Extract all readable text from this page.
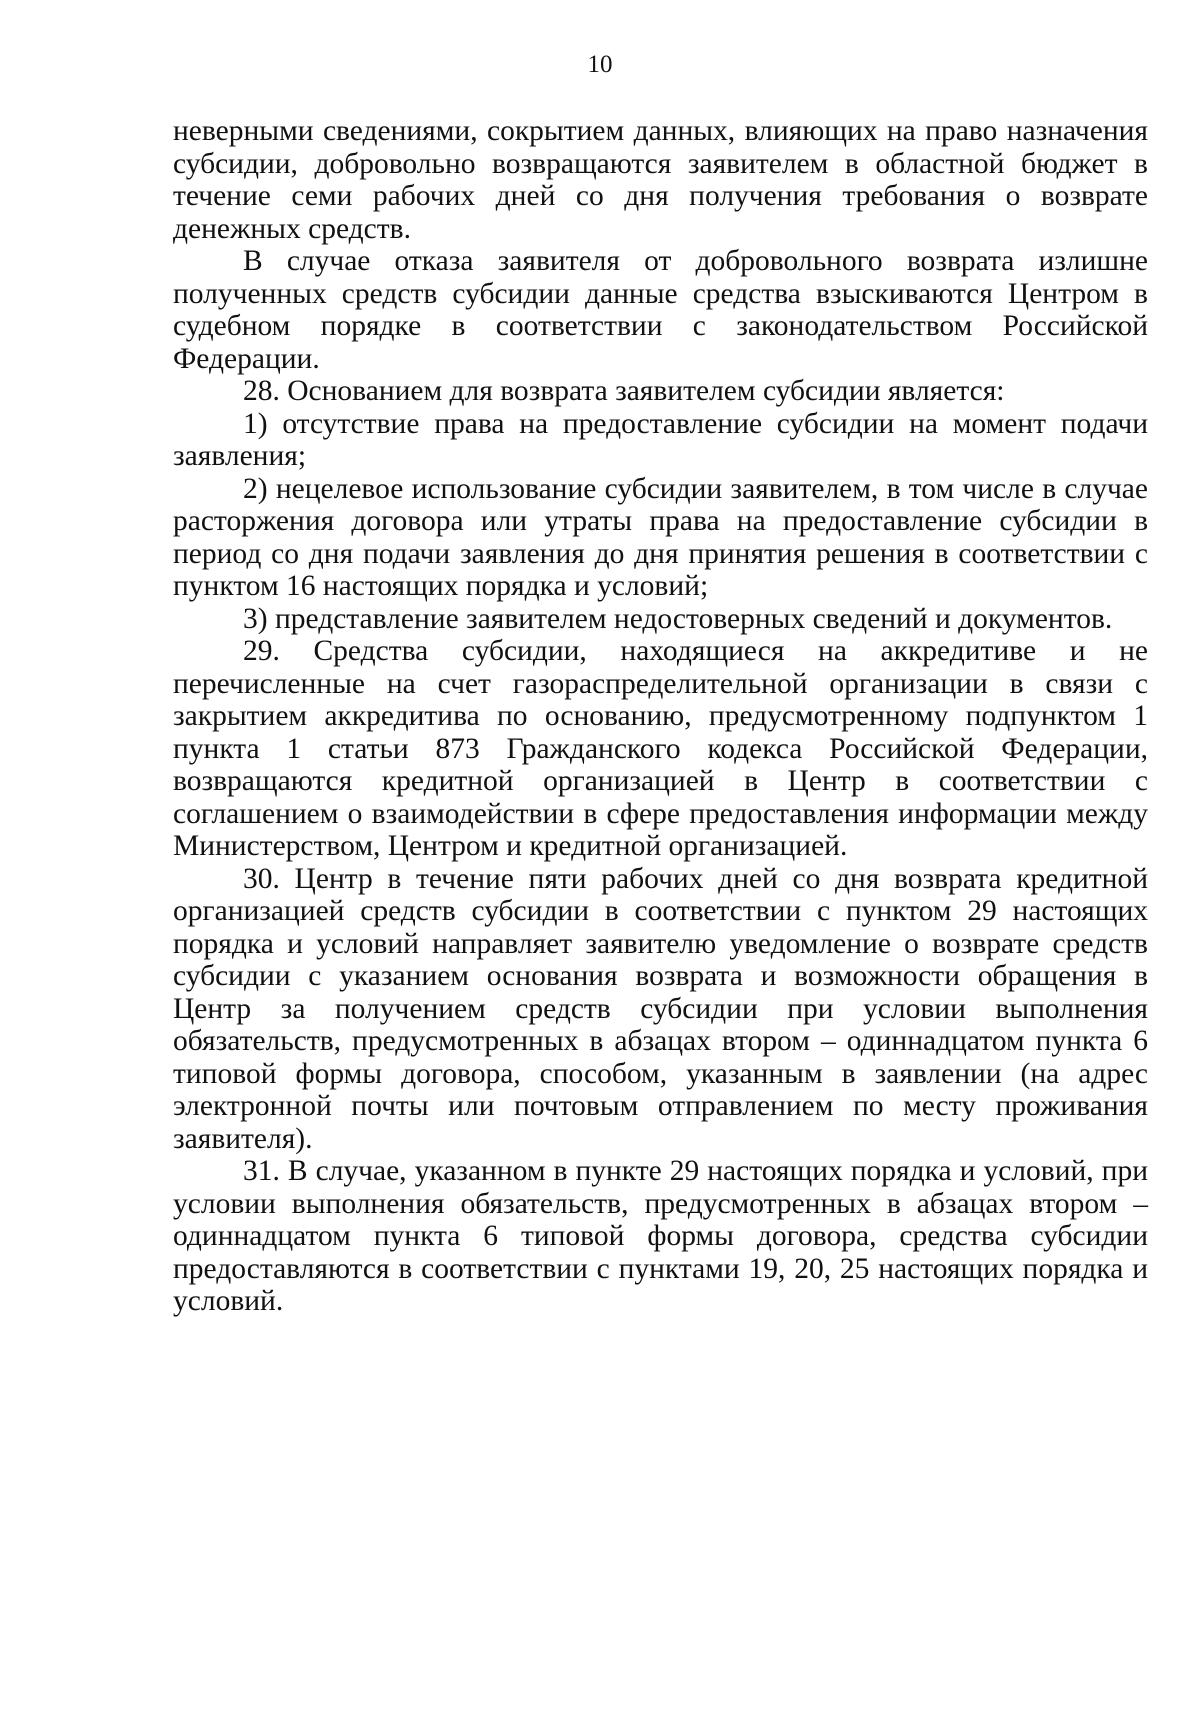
10

неверными сведениями, сокрытием данных, влияющих на право назначения субсидии, добровольно возвращаются заявителем в областной бюджет в течение семи рабочих дней со дня получения требования о возврате денежных средств.

В случае отказа заявителя от добровольного возврата излишне полученных средств субсидии данные средства взыскиваются Центром в судебном порядке в соответствии с законодательством Российской Федерации.

28. Основанием для возврата заявителем субсидии является:

1) отсутствие права на предоставление субсидии на момент подачи заявления;

2) нецелевое использование субсидии заявителем, в том числе в случае расторжения договора или утраты права на предоставление субсидии в период со дня подачи заявления до дня принятия решения в соответствии с пунктом 16 настоящих порядка и условий;

3) представление заявителем недостоверных сведений и документов.

29. Средства субсидии, находящиеся на аккредитиве и не перечисленные на счет газораспределительной организации в связи с закрытием аккредитива по основанию, предусмотренному подпунктом 1 пункта 1 статьи 873 Гражданского кодекса Российской Федерации, возвращаются кредитной организацией в Центр в соответствии с соглашением о взаимодействии в сфере предоставления информации между Министерством, Центром и кредитной организацией.

30. Центр в течение пяти рабочих дней со дня возврата кредитной организацией средств субсидии в соответствии с пунктом 29 настоящих порядка и условий направляет заявителю уведомление о возврате средств субсидии с указанием основания возврата и возможности обращения в Центр за получением средств субсидии при условии выполнения обязательств, предусмотренных в абзацах втором – одиннадцатом пункта 6 типовой формы договора, способом, указанным в заявлении (на адрес электронной почты или почтовым отправлением по месту проживания заявителя).

31. В случае, указанном в пункте 29 настоящих порядка и условий, при условии выполнения обязательств, предусмотренных в абзацах втором – одиннадцатом пункта 6 типовой формы договора, средства субсидии предоставляются в соответствии с пунктами 19, 20, 25 настоящих порядка и условий.
